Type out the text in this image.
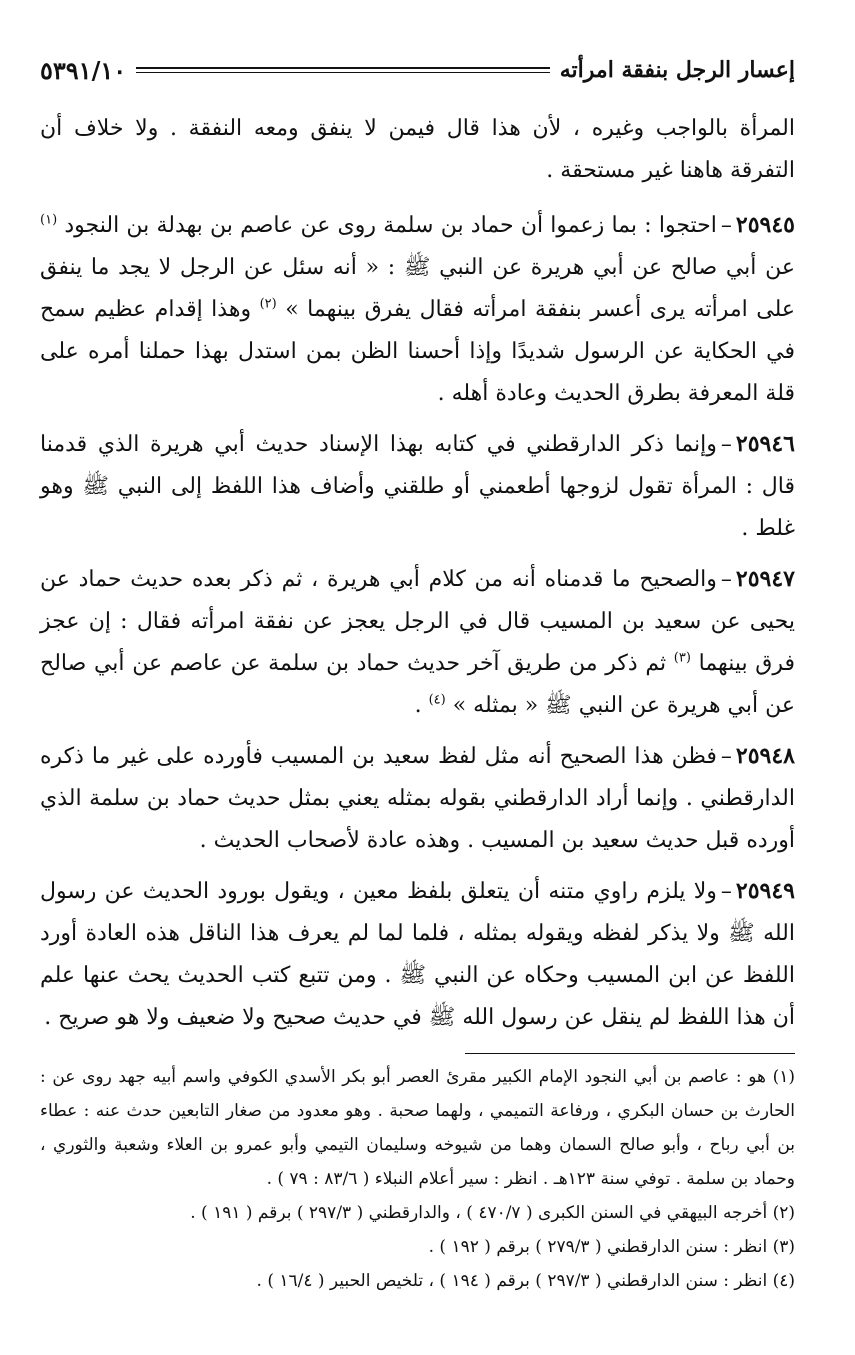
إعسار الرجل بنفقة امرأته
٥٣٩١/١٠

المرأة بالواجب وغيره ، لأن هذا قال فيمن لا ينفق ومعه النفقة . ولا خلاف أن التفرقة هاهنا غير مستحقة .

٢٥٩٤٥–احتجوا : بما زعموا أن حماد بن سلمة روى عن عاصم بن بهدلة بن النجود $^{(١)}$ عن أبي صالح عن أبي هريرة عن النبي ﷺ : « أنه سئل عن الرجل لا يجد ما ينفق على امرأته يرى أعسر بنفقة امرأته فقال يفرق بينهما » $^{(٢)}$ وهذا إقدام عظيم سمح في الحكاية عن الرسول شديدًا وإذا أحسنا الظن بمن استدل بهذا حملنا أمره على قلة المعرفة بطرق الحديث وعادة أهله .

٢٥٩٤٦–وإنما ذكر الدارقطني في كتابه بهذا الإسناد حديث أبي هريرة الذي قدمنا قال : المرأة تقول لزوجها أطعمني أو طلقني وأضاف هذا اللفظ إلى النبي ﷺ وهو غلط .

٢٥٩٤٧–والصحيح ما قدمناه أنه من كلام أبي هريرة ، ثم ذكر بعده حديث حماد عن يحيى عن سعيد بن المسيب قال في الرجل يعجز عن نفقة امرأته فقال : إن عجز فرق بينهما $^{(٣)}$ ثم ذكر من طريق آخر حديث حماد بن سلمة عن عاصم عن أبي صالح عن أبي هريرة عن النبي ﷺ « بمثله » $^{(٤)}$ .

٢٥٩٤٨–فظن هذا الصحيح أنه مثل لفظ سعيد بن المسيب فأورده على غير ما ذكره الدارقطني . وإنما أراد الدارقطني بقوله بمثله يعني بمثل حديث حماد بن سلمة الذي أورده قبل حديث سعيد بن المسيب . وهذه عادة لأصحاب الحديث .

٢٥٩٤٩–ولا يلزم راوي متنه أن يتعلق بلفظ معين ، ويقول بورود الحديث عن رسول الله ﷺ ولا يذكر لفظه ويقوله بمثله ، فلما لما لم يعرف هذا الناقل هذه العادة أورد اللفظ عن ابن المسيب وحكاه عن النبي ﷺ . ومن تتبع كتب الحديث يحث عنها علم أن هذا اللفظ لم ينقل عن رسول الله ﷺ في حديث صحيح ولا ضعيف ولا هو صريح .

(١) هو : عاصم بن أبي النجود الإمام الكبير مقرئ العصر أبو بكر الأسدي الكوفي واسم أبيه جهد روى عن : الحارث بن حسان البكري ، ورفاعة التميمي ، ولهما صحبة . وهو معدود من صغار التابعين حدث عنه : عطاء بن أبي رباح ، وأبو صالح السمان وهما من شيوخه وسليمان التيمي وأبو عمرو بن العلاء وشعبة والثوري ، وحماد بن سلمة . توفي سنة ١٢٣هـ . انظر : سير أعلام النبلاء ( ٨٣/٦ : ٧٩ ) .

(٢) أخرجه البيهقي في السنن الكبرى ( ٤٧٠/٧ ) ، والدارقطني ( ٢٩٧/٣ ) برقم ( ١٩١ ) .

(٣) انظر : سنن الدارقطني ( ٢٧٩/٣ ) برقم ( ١٩٢ ) .

(٤) انظر : سنن الدارقطني ( ٢٩٧/٣ ) برقم ( ١٩٤ ) ، تلخيص الحبير ( ١٦/٤ ) .
